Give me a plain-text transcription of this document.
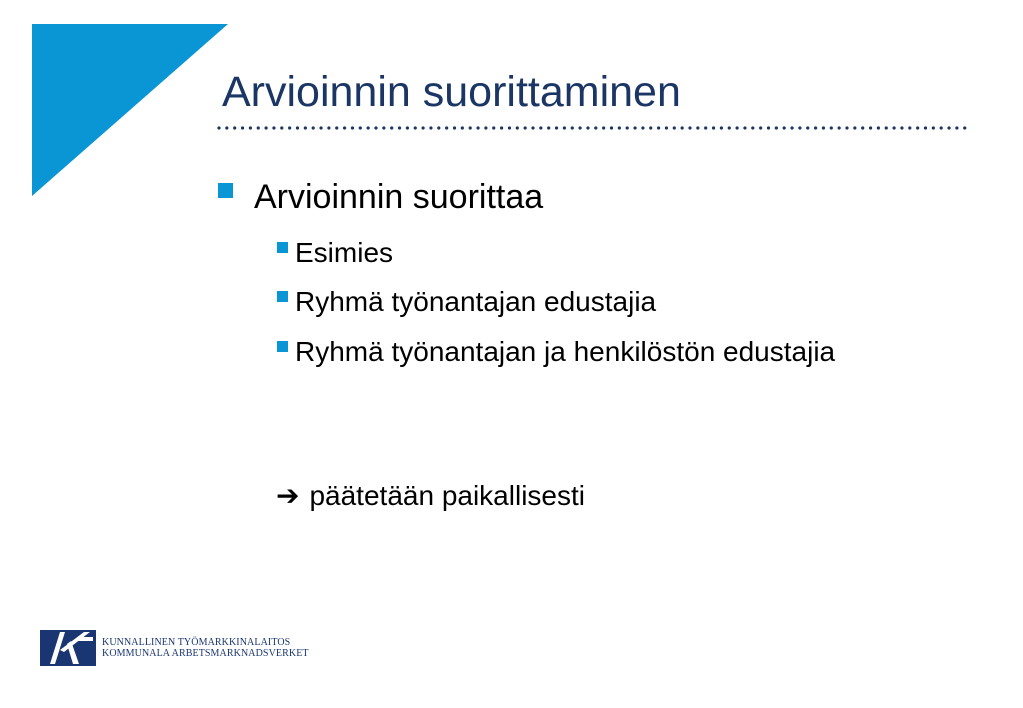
Arvioinnin suorittaminen
Arvioinnin suorittaa
Esimies
Ryhmä työnantajan edustajia
Ryhmä työnantajan ja henkilöstön edustajia
➔ päätetään paikallisesti
KUNNALLINEN TYÖMARKKINALAITOS
KOMMUNALA ARBETSMARKNADSVERKET
